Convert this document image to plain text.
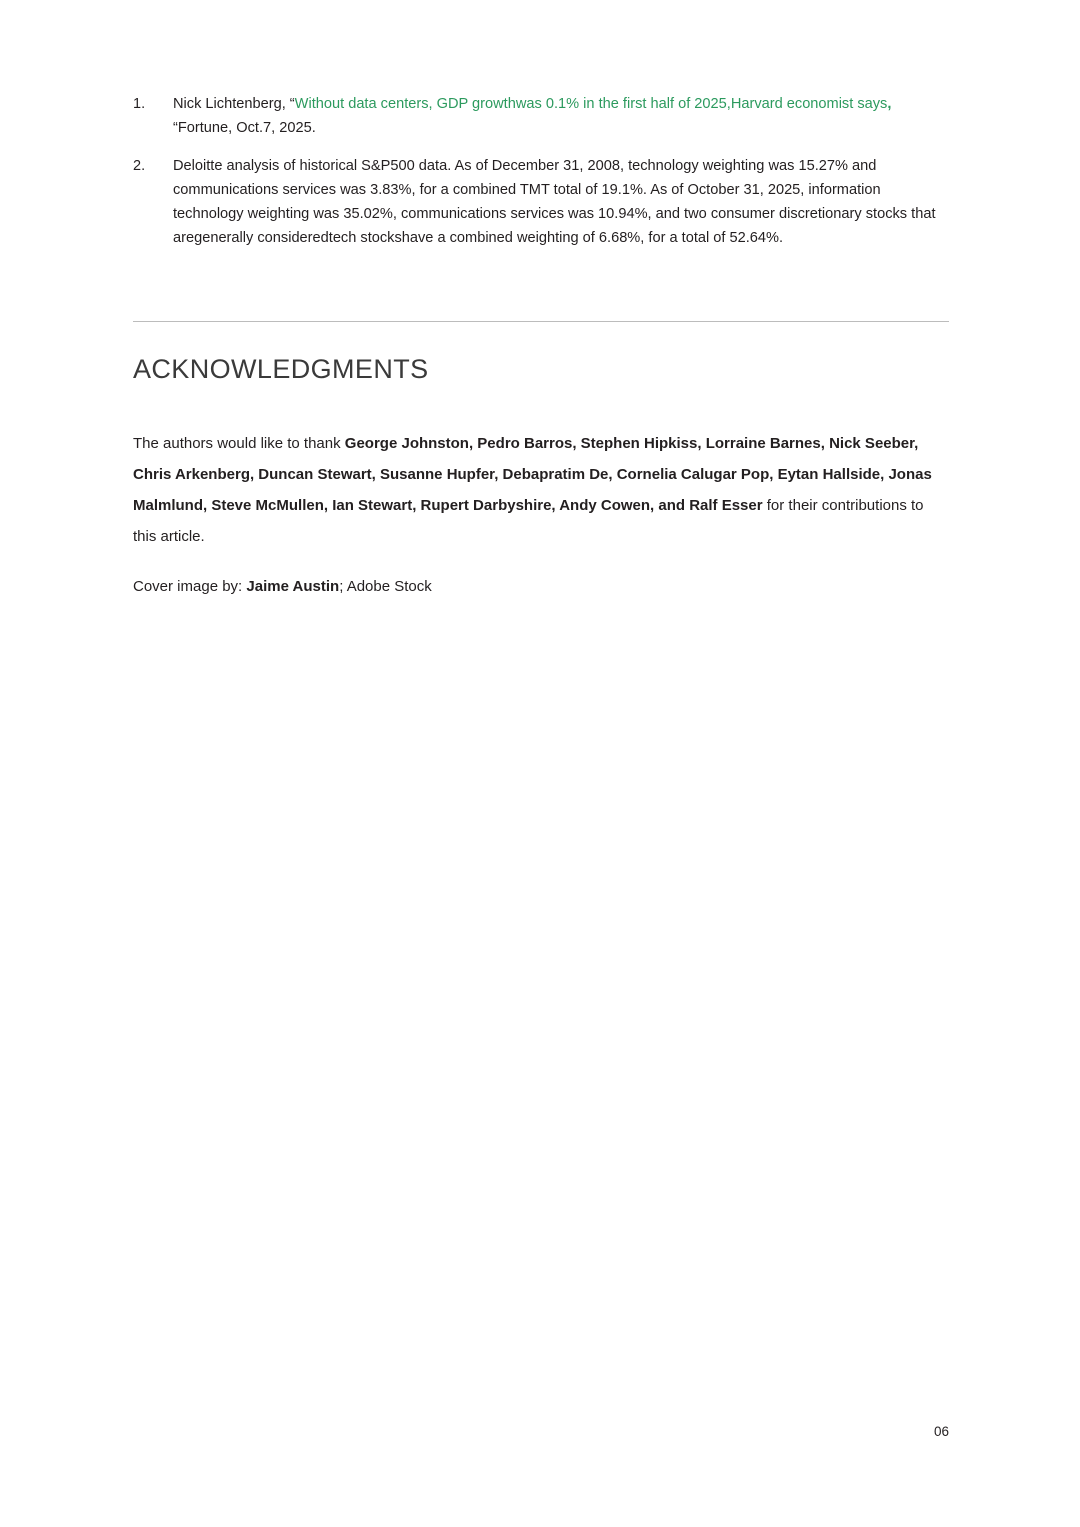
1.	Nick Lichtenberg, “Without data centers, GDP growthwas 0.1% in the first half of 2025,Harvard economist says, “Fortune, Oct.7, 2025.
2.	Deloitte analysis of historical S&P500 data. As of December 31, 2008, technology weighting was 15.27% and communications services was 3.83%, for a combined TMT total of 19.1%. As of October 31, 2025, information technology weighting was 35.02%, communications services was 10.94%, and two consumer discretionary stocks that aregenerally consideredtech stockshave a combined weighting of 6.68%, for a total of 52.64%.
ACKNOWLEDGMENTS

The authors would like to thank George Johnston, Pedro Barros, Stephen Hipkiss, Lorraine Barnes, Nick Seeber, Chris Arkenberg, Duncan Stewart, Susanne Hupfer, Debapratim De, Cornelia Calugar Pop, Eytan Hallside, Jonas Malmlund, Steve McMullen, Ian Stewart, Rupert Darbyshire, Andy Cowen, and Ralf Esser for their contributions to this article.

Cover image by: Jaime Austin; Adobe Stock

06
